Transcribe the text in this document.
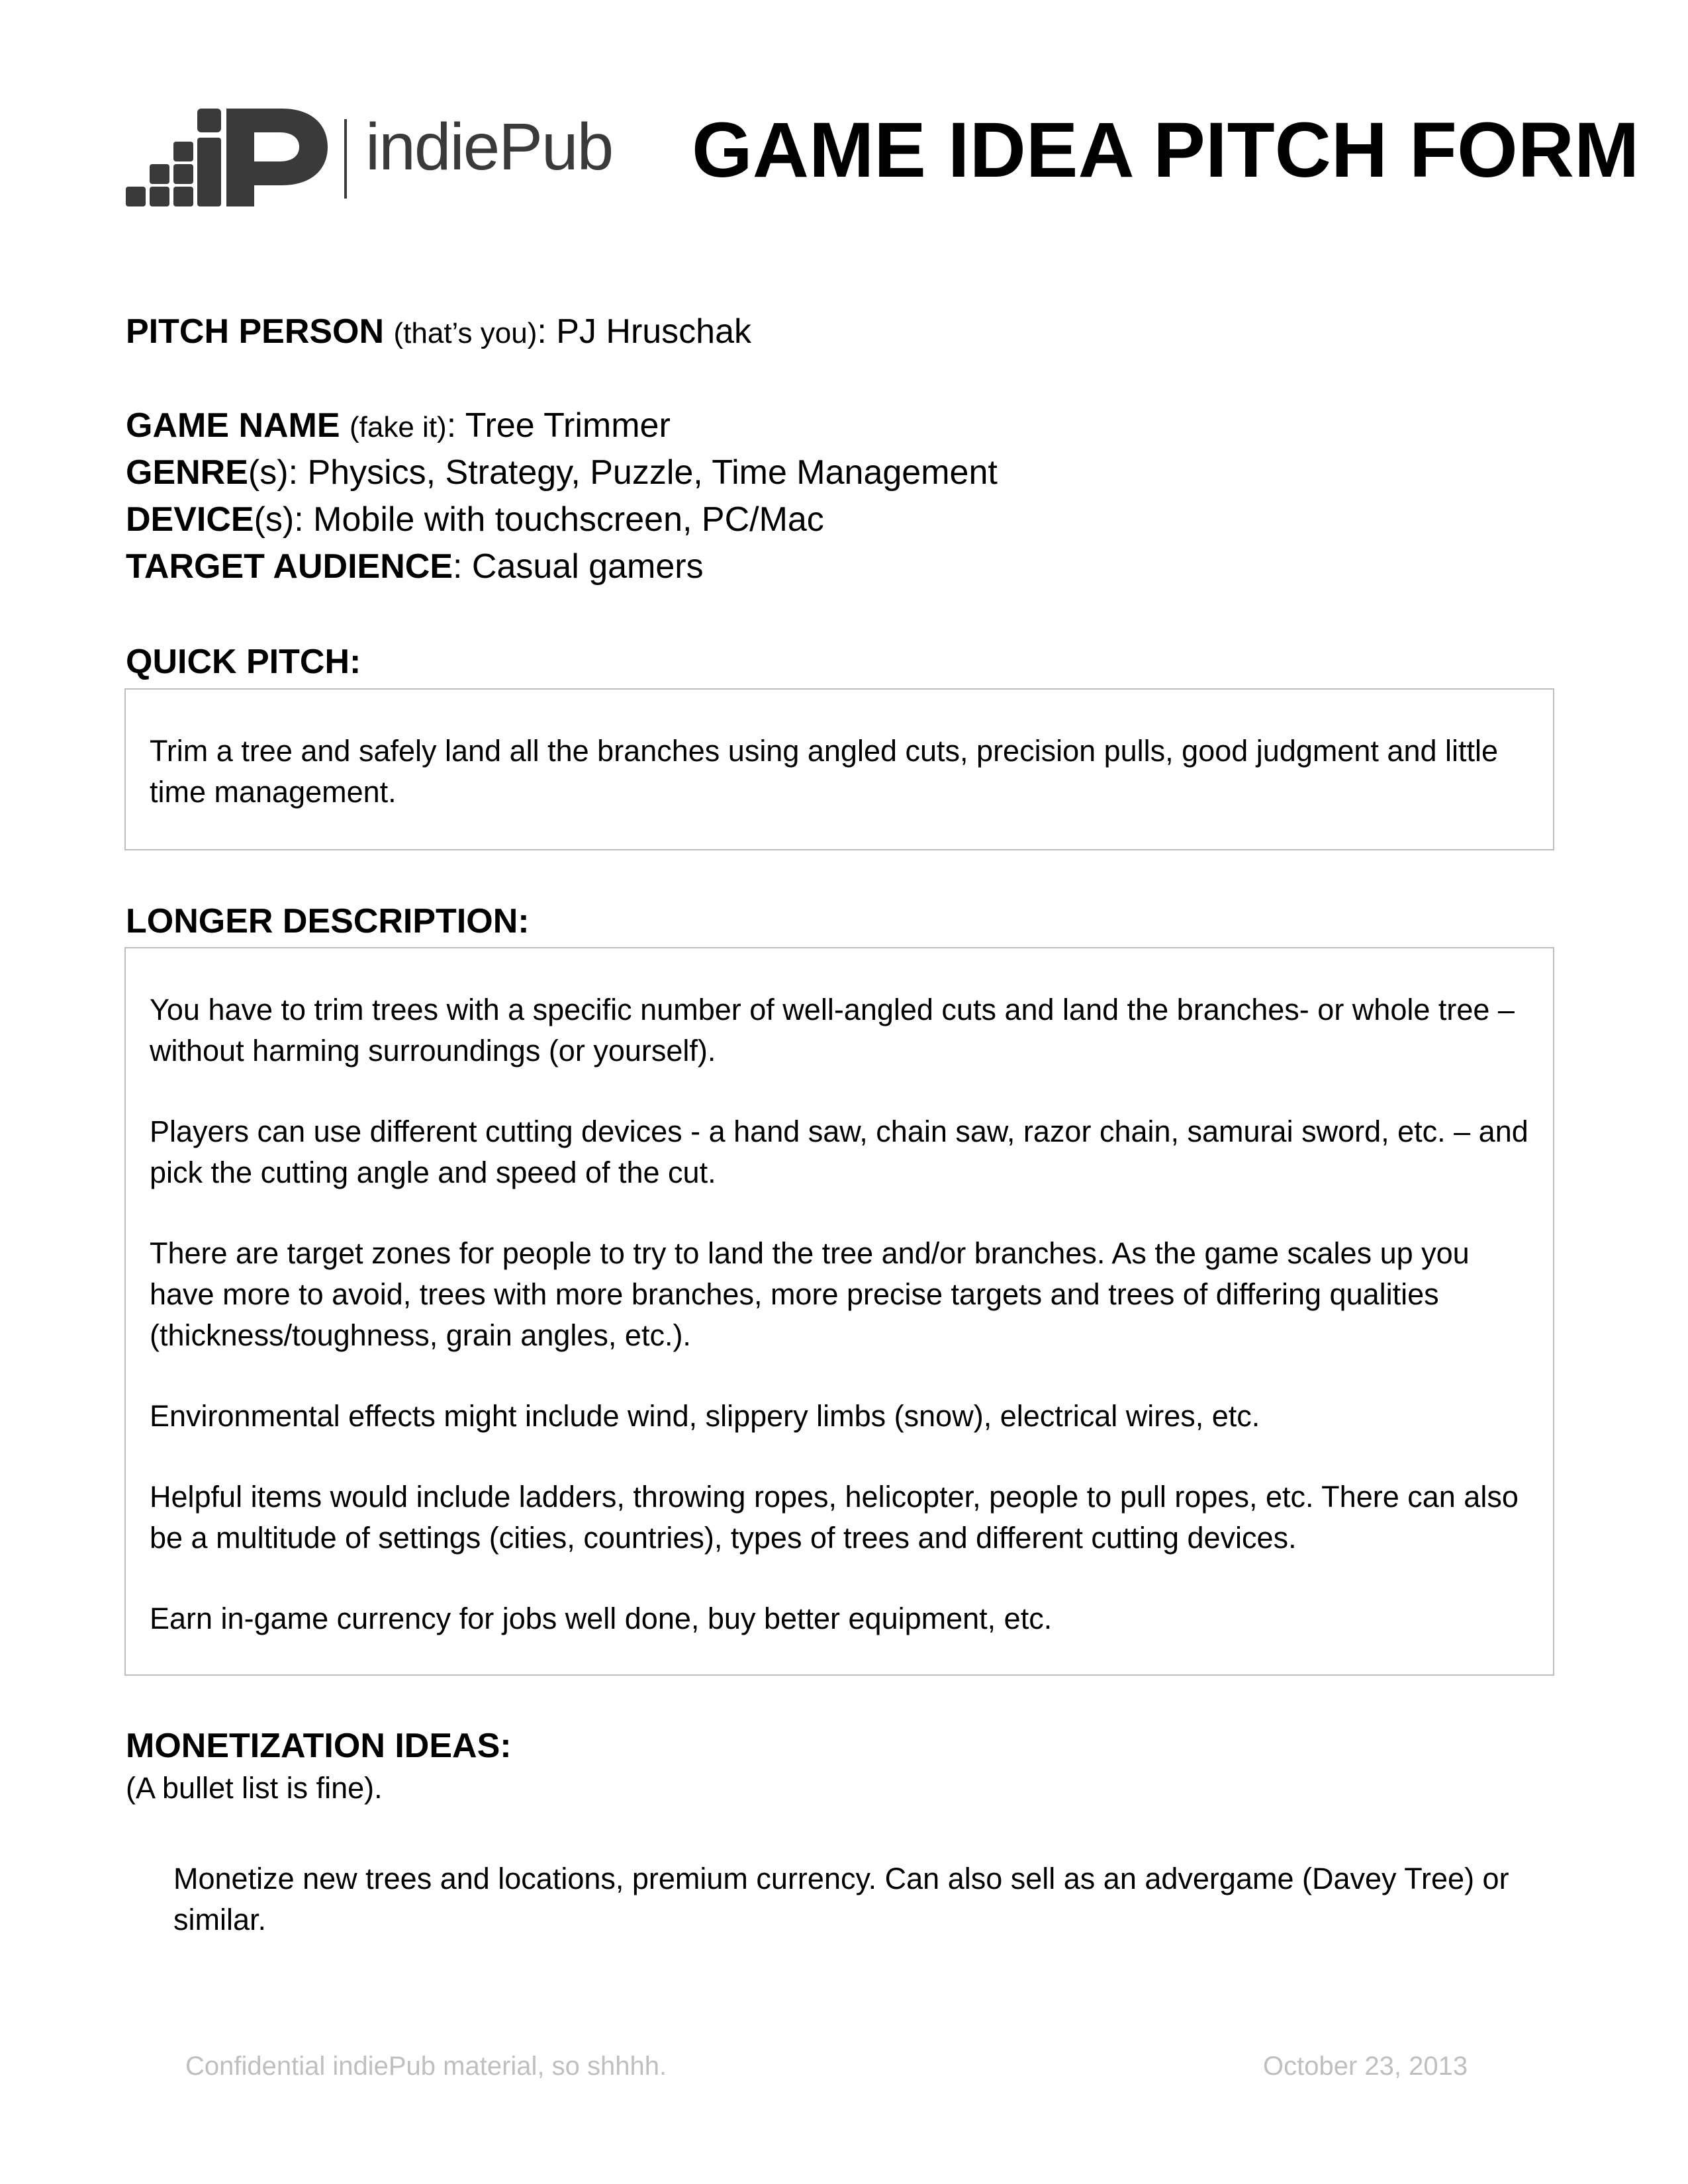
indiePub GAME IDEA PITCH FORM
PITCH PERSON (that’s you): PJ Hruschak
GAME NAME (fake it): Tree Trimmer
GENRE(s): Physics, Strategy, Puzzle, Time Management
DEVICE(s): Mobile with touchscreen, PC/Mac
TARGET AUDIENCE: Casual gamers
QUICK PITCH:

Trim a tree and safely land all the branches using angled cuts, precision pulls, good judgment and little time management.

LONGER DESCRIPTION:

You have to trim trees with a specific number of well-angled cuts and land the branches- or whole tree – without harming surroundings (or yourself).

Players can use different cutting devices - a hand saw, chain saw, razor chain, samurai sword, etc. – and pick the cutting angle and speed of the cut.

There are target zones for people to try to land the tree and/or branches. As the game scales up you have more to avoid, trees with more branches, more precise targets and trees of differing qualities (thickness/toughness, grain angles, etc.).

Environmental effects might include wind, slippery limbs (snow), electrical wires, etc.

Helpful items would include ladders, throwing ropes, helicopter, people to pull ropes, etc. There can also be a multitude of settings (cities, countries), types of trees and different cutting devices.

Earn in-game currency for jobs well done, buy better equipment, etc.

MONETIZATION IDEAS:
(A bullet list is fine).
Monetize new trees and locations, premium currency. Can also sell as an advergame (Davey Tree) or similar.
Confidential indiePub material, so shhhh.	October 23, 2013
